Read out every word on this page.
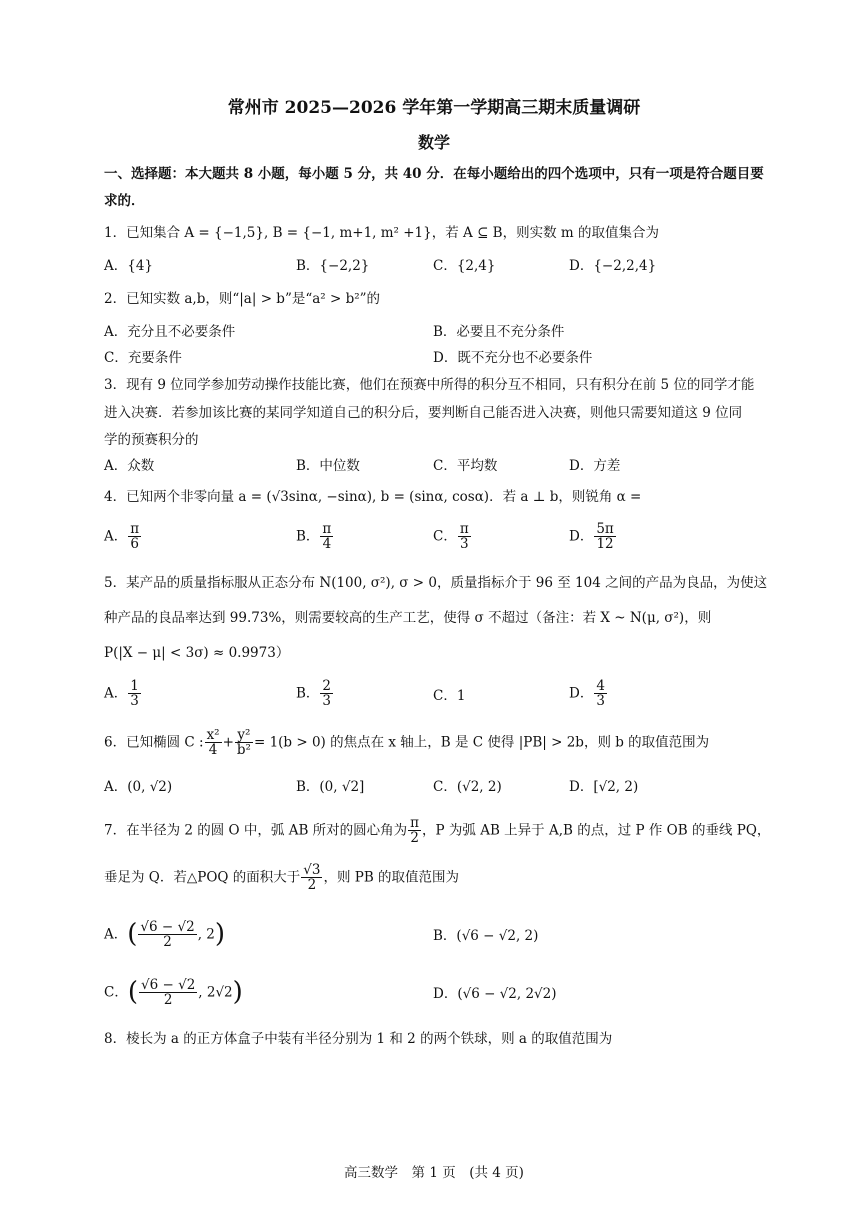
常州市 2025—2026 学年第一学期高三期末质量调研
数学
一、选择题：本大题共 8 小题，每小题 5 分，共 40 分．在每小题给出的四个选项中，只有一项是符合题目要
求的．
1．已知集合 A = {−1,5}, B = {−1, m+1, m² +1}，若 A ⊆ B，则实数 m 的取值集合为
A．{4}	B．{−2,2}	C．{2,4}	D．{−2,2,4}
2．已知实数 a,b，则“|a| > b”是“a² > b²”的
A．充分且不必要条件	B．必要且不充分条件
C．充要条件	D．既不充分也不必要条件
3．现有 9 位同学参加劳动操作技能比赛，他们在预赛中所得的积分互不相同，只有积分在前 5 位的同学才能
进入决赛．若参加该比赛的某同学知道自己的积分后，要判断自己能否进入决赛，则他只需要知道这 9 位同
学的预赛积分的
A．众数	B．中位数	C．平均数	D．方差
4．已知两个非零向量 a = (√3sinα, −sinα), b = (sinα, cosα)．若 a ⊥ b，则锐角 α =
A． $\frac{\pi}{6}$	B． $\frac{\pi}{4}$	C． $\frac{\pi}{3}$	D． $\frac{5\pi}{12}$
5．某产品的质量指标服从正态分布 N(100, σ²), σ > 0，质量指标介于 96 至 104 之间的产品为良品，为使这
种产品的良品率达到 99.73%，则需要较高的生产工艺，使得 σ 不超过（备注：若 X ~ N(μ, σ²)，则
P(|X − μ| < 3σ) ≈ 0.9973）
A． $\frac{1}{3}$	B． $\frac{2}{3}$	C．1	D． $\frac{4}{3}$
6．已知椭圆 C : $\frac{\text{x²}}{4} + \frac{\text{y²}}{\text{b²}} = 1(b > 0)$ 的焦点在 x 轴上，B 是 C 使得 |PB| > 2b，则 b 的取值范围为
A．(0, √2)	B．(0, √2]	C．(√2, 2)	D．[√2, 2)
7．在半径为 2 的圆 O 中，弧 AB 所对的圆心角为 $\frac{\pi}{2}$ ，P 为弧 AB 上异于 A,B 的点，过 P 作 OB 的垂线 PQ，
垂足为 Q．若△POQ 的面积大于 $\frac{√3}{2}$ ，则 PB 的取值范围为
A．( $\frac{√6 - √2}{2}$ , 2)	B．(√6 − √2, 2)
C．( $\frac{√6 - √2}{2}$ , 2√2)	D．(√6 − √2, 2√2)
8．棱长为 a 的正方体盒子中装有半径分别为 1 和 2 的两个铁球，则 a 的取值范围为
高三数学　第 1 页　(共 4 页)
